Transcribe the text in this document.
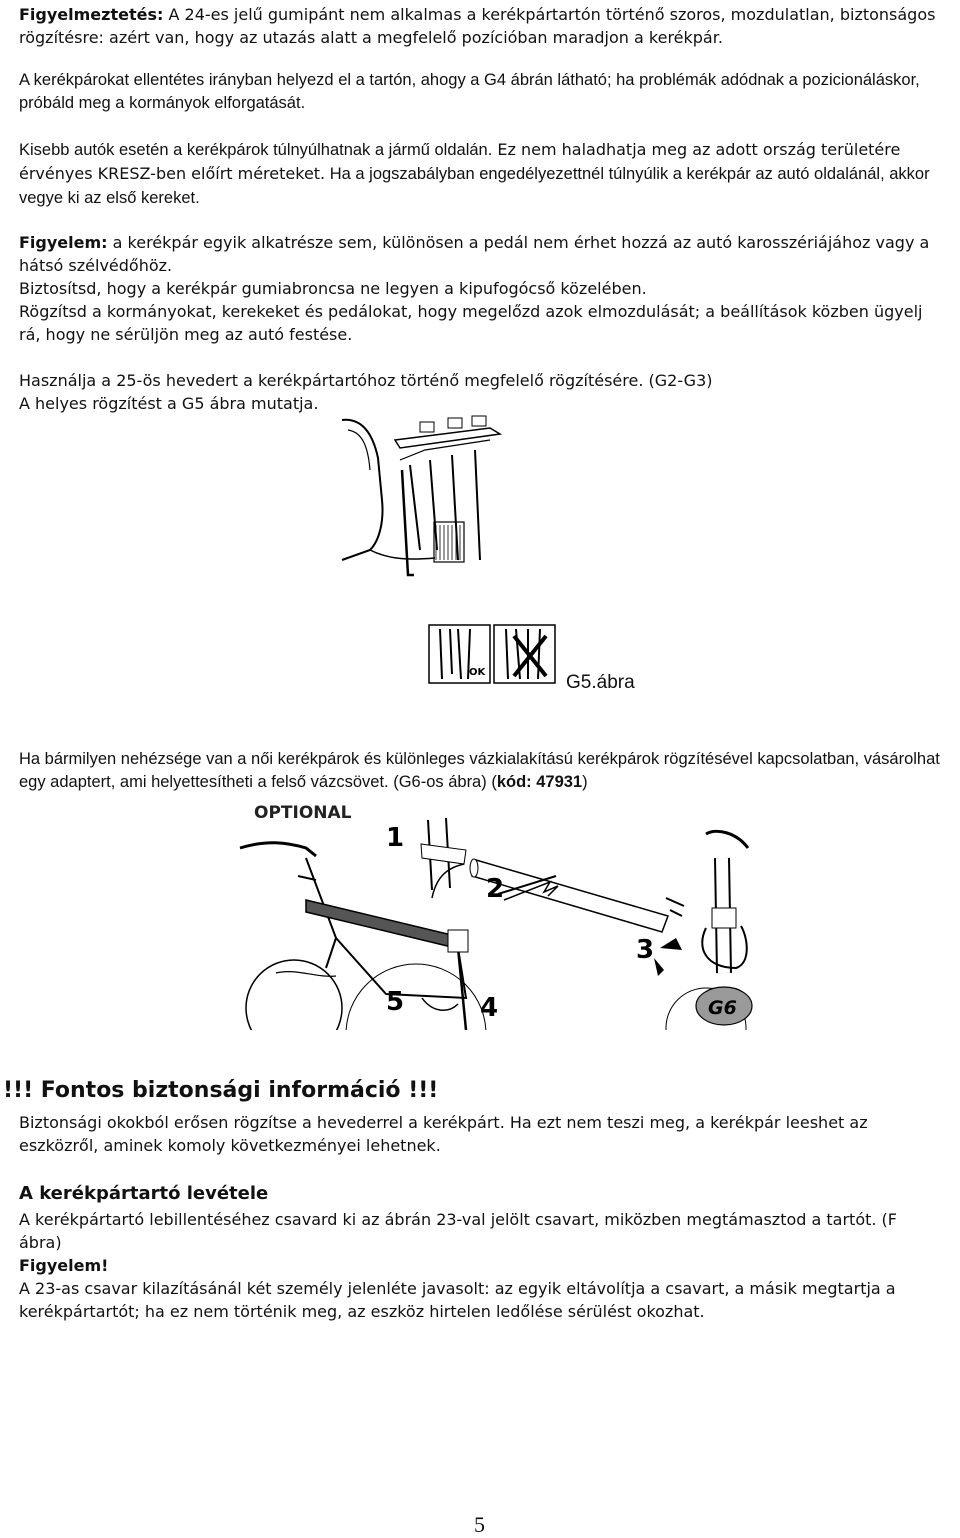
Figyelmeztetés: A 24-es jelű gumipánt nem alkalmas a kerékpártartón történő szoros, mozdulatlan, biztonságos rögzítésre: azért van, hogy az utazás alatt a megfelelő pozícióban maradjon a kerékpár.

A kerékpárokat ellentétes irányban helyezd el a tartón, ahogy a G4 ábrán látható; ha problémák adódnak a pozicionáláskor, próbáld meg a kormányok elforgatását.

Kisebb autók esetén a kerékpárok túlnyúlhatnak a jármű oldalán. Ez nem haladhatja meg az adott ország területére érvényes KRESZ-ben előírt méreteket. Ha a jogszabályban engedélyezettnél túlnyúlik a kerékpár az autó oldalánál, akkor vegye ki az első kereket.

Figyelem: a kerékpár egyik alkatrésze sem, különösen a pedál nem érhet hozzá az autó karosszériájához vagy a hátsó szélvédőhöz.

Biztosítsd, hogy a kerékpár gumiabroncsa ne legyen a kipufogócső közelében.

Rögzítsd a kormányokat, kerekeket és pedálokat, hogy megelőzd azok elmozdulását; a beállítások közben ügyelj rá, hogy ne sérüljön meg az autó festése.

Használja a 25-ös hevedert a kerékpártartóhoz történő megfelelő rögzítésére. (G2-G3)

A helyes rögzítést a G5 ábra mutatja.

OK	G5.ábra

Ha bármilyen nehézsége van a női kerékpárok és különleges vázkialakítású kerékpárok rögzítésével kapcsolatban, vásárolhat egy adaptert, ami helyettesítheti a felső vázcsövet. (G6-os ábra) (kód: 47931)

OPTIONAL
1
2
3
4
5	G6

!!! Fontos biztonsági információ !!!

Biztonsági okokból erősen rögzítse a hevederrel a kerékpárt. Ha ezt nem teszi meg, a kerékpár leeshet az eszközről, aminek komoly következményei lehetnek.

A kerékpártartó levétele

A kerékpártartó lebillentéséhez csavard ki az ábrán 23-val jelölt csavart, miközben megtámasztod a tartót. (F ábra)

Figyelem!

A 23-as csavar kilazításánál két személy jelenléte javasolt: az egyik eltávolítja a csavart, a másik megtartja a kerékpártartót; ha ez nem történik meg, az eszköz hirtelen ledőlése sérülést okozhat.

5
